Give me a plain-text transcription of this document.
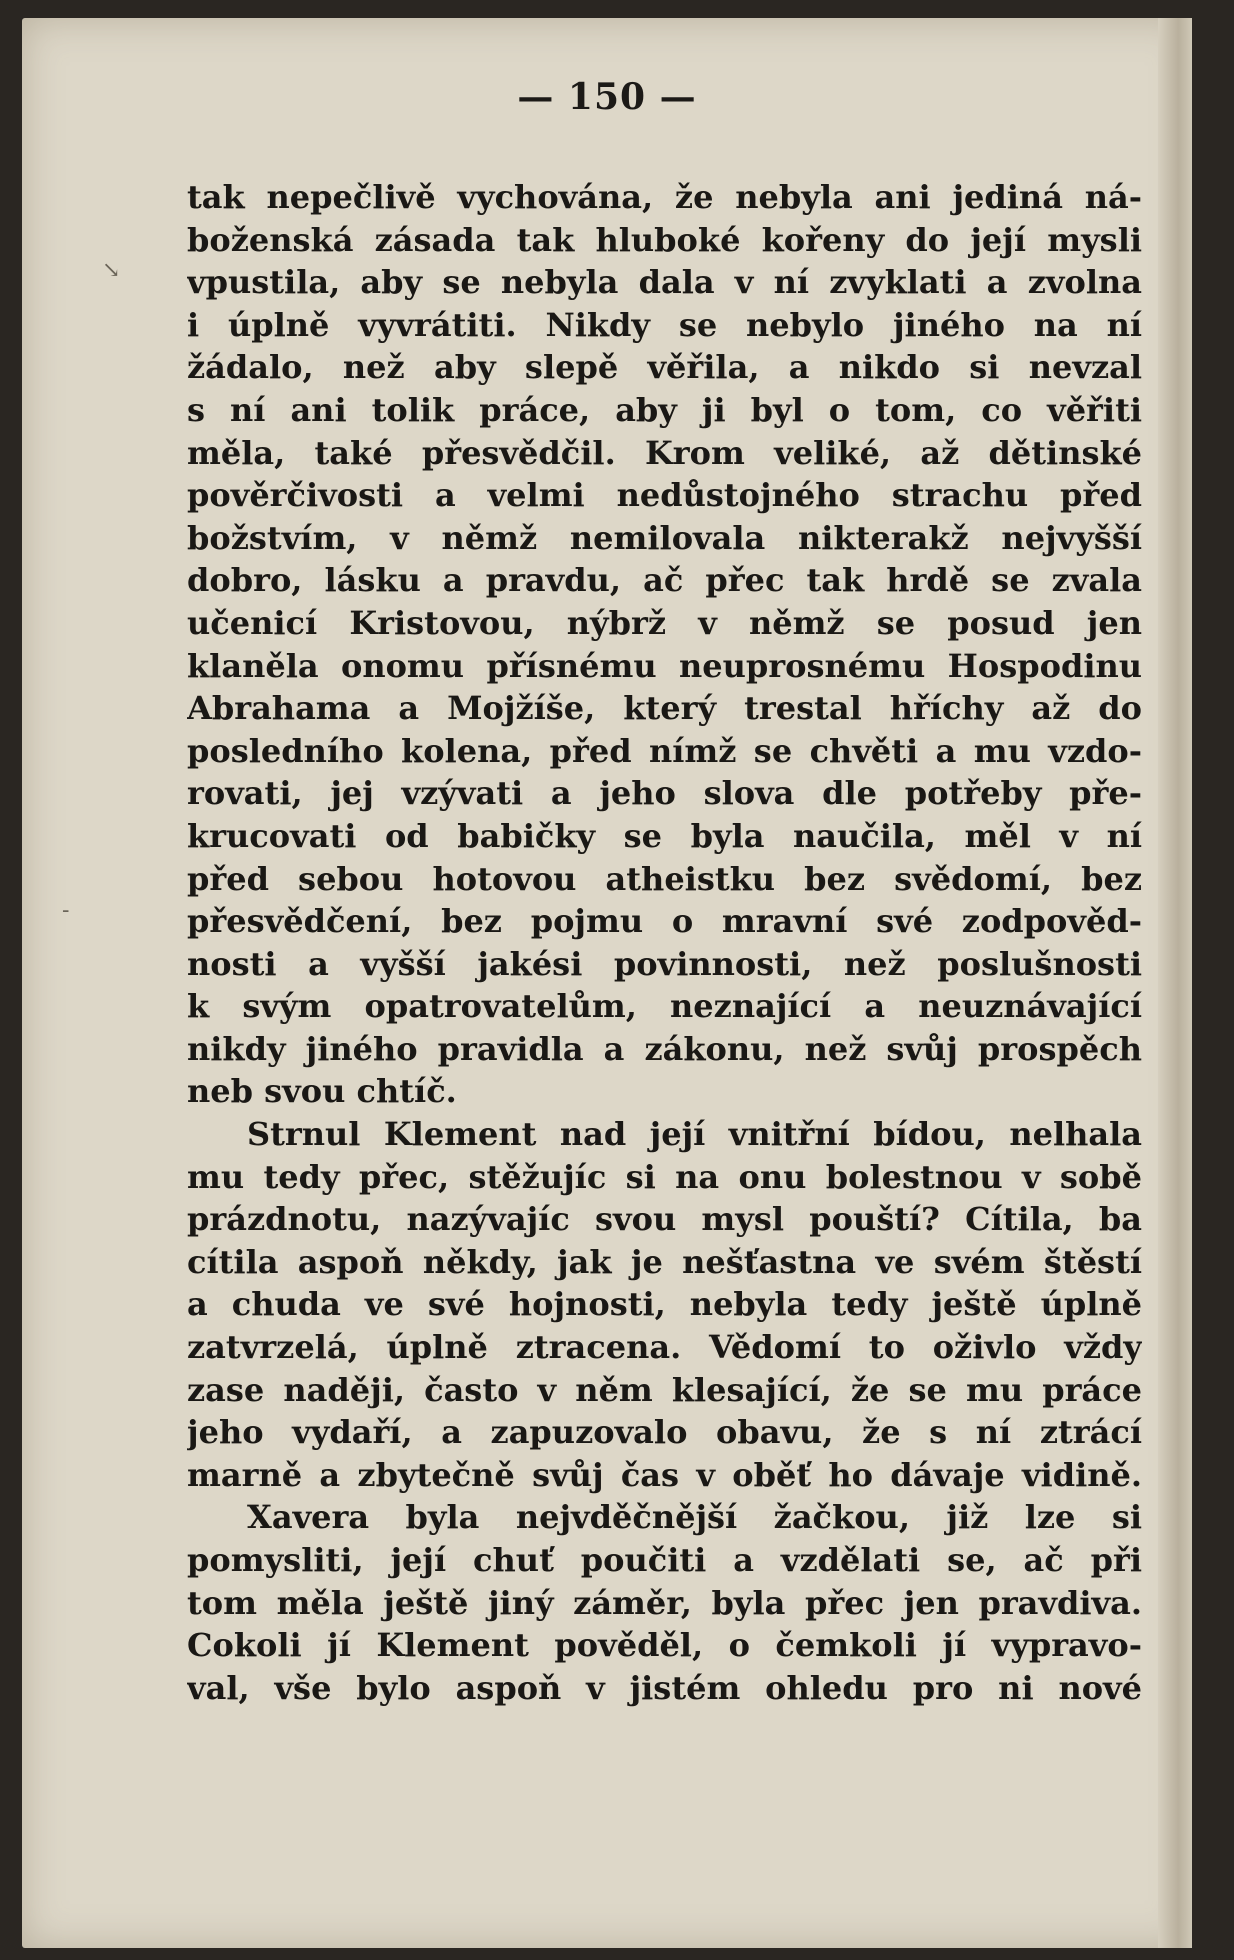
— 150 —
tak nepečlivě vychována, že nebyla ani jediná ná-
boženská zásada tak hluboké kořeny do její mysli
vpustila, aby se nebyla dala v ní zvyklati a zvolna
i úplně vyvrátiti. Nikdy se nebylo jiného na ní
žádalo, než aby slepě věřila, a nikdo si nevzal
s ní ani tolik práce, aby ji byl o tom, co věřiti
měla, také přesvědčil. Krom veliké, až dětinské
pověrčivosti a velmi nedůstojného strachu před
božstvím, v němž nemilovala nikterakž nejvyšší
dobro, lásku a pravdu, ač přec tak hrdě se zvala
učenicí Kristovou, nýbrž v němž se posud jen
klaněla onomu přísnému neuprosnému Hospodinu
Abrahama a Mojžíše, který trestal hříchy až do
posledního kolena, před nímž se chvěti a mu vzdo-
rovati, jej vzývati a jeho slova dle potřeby pře-
krucovati od babičky se byla naučila, měl v ní
před sebou hotovou atheistku bez svědomí, bez
přesvědčení, bez pojmu o mravní své zodpověd-
nosti a vyšší jakési povinnosti, než poslušnosti
k svým opatrovatelům, neznající a neuznávající
nikdy jiného pravidla a zákonu, než svůj prospěch
neb svou chtíč.
Strnul Klement nad její vnitřní bídou, nelhala
mu tedy přec, stěžujíc si na onu bolestnou v sobě
prázdnotu, nazývajíc svou mysl pouští? Cítila, ba
cítila aspoň někdy, jak je nešťastna ve svém štěstí
a chuda ve své hojnosti, nebyla tedy ještě úplně
zatvrzelá, úplně ztracena. Vědomí to oživlo vždy
zase naději, často v něm klesající, že se mu práce
jeho vydaří, a zapuzovalo obavu, že s ní ztrácí
marně a zbytečně svůj čas v oběť ho dávaje vidině.
Xavera byla nejvděčnější žačkou, již lze si
pomysliti, její chuť poučiti a vzdělati se, ač při
tom měla ještě jiný záměr, byla přec jen pravdivа.
Cokoli jí Klement pověděl, o čemkoli jí vypravo-
val, vše bylo aspoň v jistém ohledu pro ni nové
↘
-
